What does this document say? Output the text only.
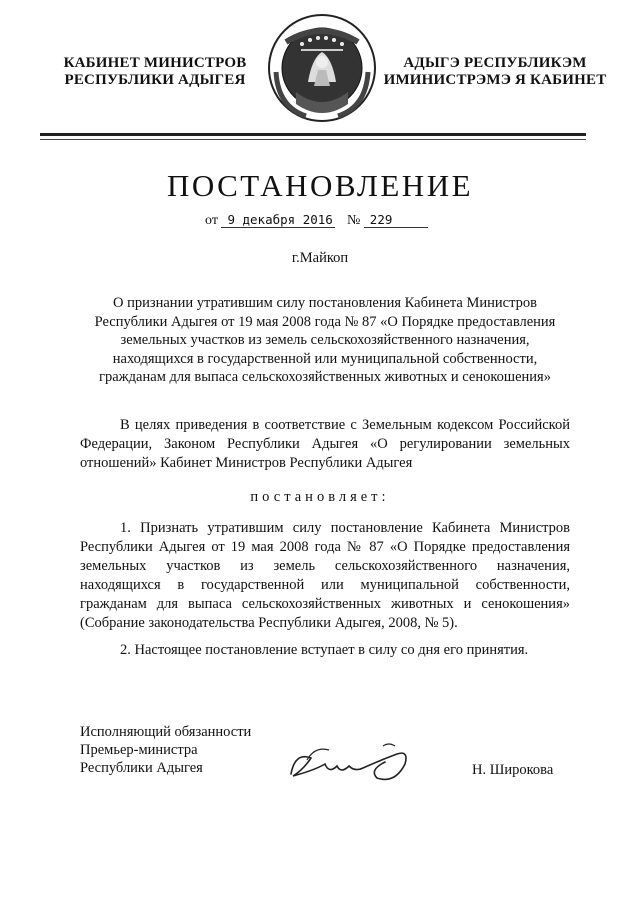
КАБИНЕТ МИНИСТРОВ
РЕСПУБЛИКИ АДЫГЕЯ
АДЫГЭ РЕСПУБЛИКЭМ
ИМИНИСТРЭМЭ Я КАБИНЕТ
ПОСТАНОВЛЕНИЕ
от 9 декабря 2016 № 229
г.Майкоп
О признании утратившим силу постановления Кабинета Министров Республики Адыгея от 19 мая 2008 года № 87 «О Порядке предоставления земельных участков из земель сельскохозяйственного назначения, находящихся в государственной или муниципальной собственности, гражданам для выпаса сельскохозяйственных животных и сенокошения»
В целях приведения в соответствие с Земельным кодексом Российской Федерации, Законом Республики Адыгея «О регулировании земельных отношений» Кабинет Министров Республики Адыгея
постановляет:
1. Признать утратившим силу постановление Кабинета Министров Республики Адыгея от 19 мая 2008 года № 87 «О Порядке предоставления земельных участков из земель сельскохозяйственного назначения, находящихся в государственной или муниципальной собственности, гражданам для выпаса сельскохозяйственных животных и сенокошения» (Собрание законодательства Республики Адыгея, 2008, № 5).
2. Настоящее постановление вступает в силу со дня его принятия.
Исполняющий обязанности
Премьер-министра
Республики Адыгея	Н. Широкова
